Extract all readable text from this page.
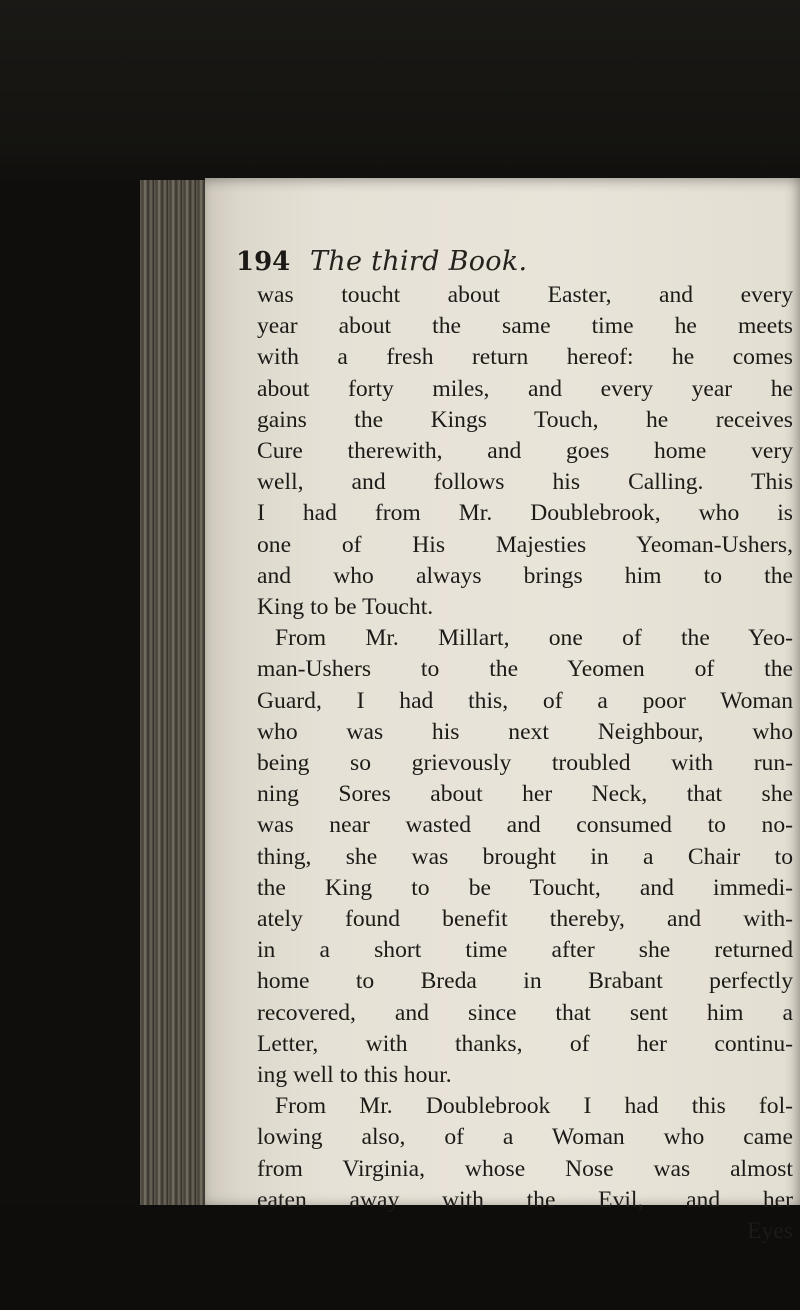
194 The third Book.
was toucht about Easter, and every
year about the same time he meets
with a fresh return hereof: he comes
about forty miles, and every year he
gains the Kings Touch, he receives
Cure therewith, and goes home very
well, and follows his Calling. This
I had from Mr. Doublebrook, who is
one of His Majesties Yeoman-Ushers,
and who always brings him to the
King to be Toucht.
From Mr. Millart, one of the Yeo-
man-Ushers to the Yeomen of the
Guard, I had this, of a poor Woman
who was his next Neighbour, who
being so grievously troubled with run-
ning Sores about her Neck, that she
was near wasted and consumed to no-
thing, she was brought in a Chair to
the King to be Toucht, and immedi-
ately found benefit thereby, and with-
in a short time after she returned
home to Breda in Brabant perfectly
recovered, and since that sent him a
Letter, with thanks, of her continu-
ing well to this hour.
From Mr. Doublebrook I had this fol-
lowing also, of a Woman who came
from Virginia, whose Nose was almost
eaten away with the Evil, and her
Eyes
